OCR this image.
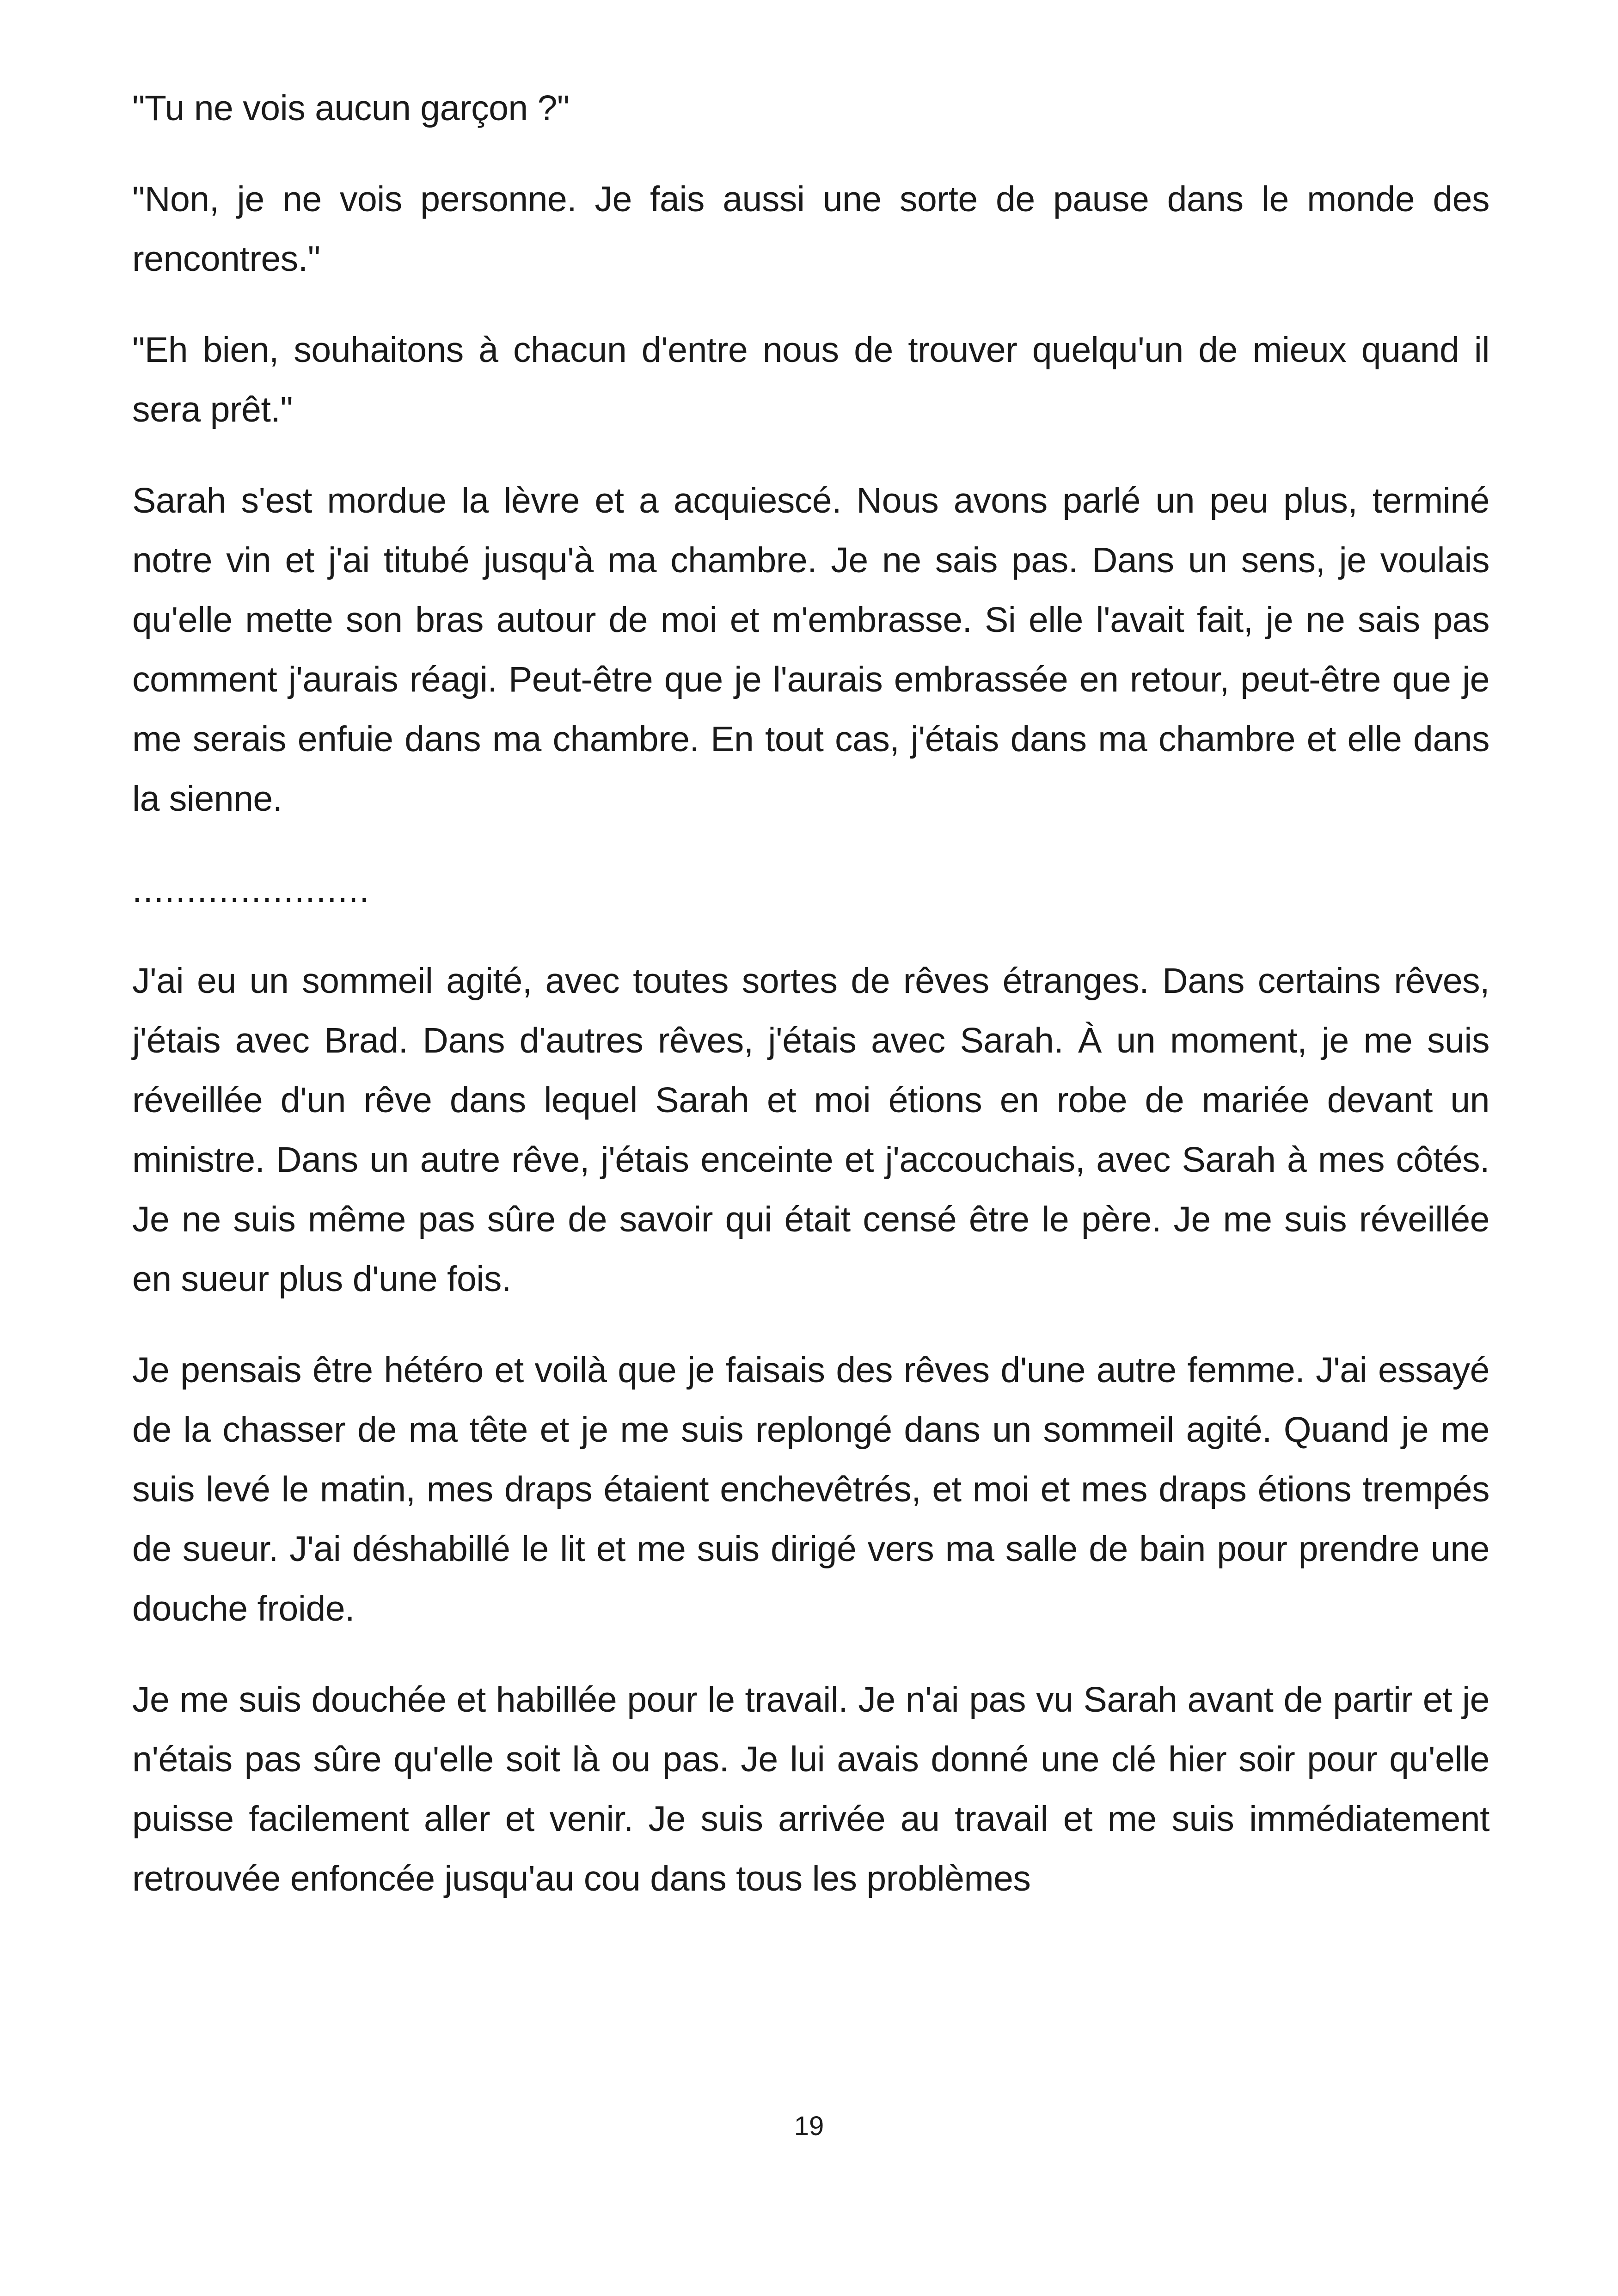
"Tu ne vois aucun garçon ?"

"Non, je ne vois personne. Je fais aussi une sorte de pause dans le monde des rencontres."

"Eh bien, souhaitons à chacun d'entre nous de trouver quelqu'un de mieux quand il sera prêt."

Sarah s'est mordue la lèvre et a acquiescé. Nous avons parlé un peu plus, terminé notre vin et j'ai titubé jusqu'à ma chambre. Je ne sais pas. Dans un sens, je voulais qu'elle mette son bras autour de moi et m'embrasse. Si elle l'avait fait, je ne sais pas comment j'aurais réagi. Peut-être que je l'aurais embrassée en retour, peut-être que je me serais enfuie dans ma chambre. En tout cas, j'étais dans ma chambre et elle dans la sienne.

......................

J'ai eu un sommeil agité, avec toutes sortes de rêves étranges. Dans certains rêves, j'étais avec Brad. Dans d'autres rêves, j'étais avec Sarah. À un moment, je me suis réveillée d'un rêve dans lequel Sarah et moi étions en robe de mariée devant un ministre. Dans un autre rêve, j'étais enceinte et j'accouchais, avec Sarah à mes côtés. Je ne suis même pas sûre de savoir qui était censé être le père. Je me suis réveillée en sueur plus d'une fois.

Je pensais être hétéro et voilà que je faisais des rêves d'une autre femme. J'ai essayé de la chasser de ma tête et je me suis replongé dans un sommeil agité. Quand je me suis levé le matin, mes draps étaient enchevêtrés, et moi et mes draps étions trempés de sueur. J'ai déshabillé le lit et me suis dirigé vers ma salle de bain pour prendre une douche froide.

Je me suis douchée et habillée pour le travail. Je n'ai pas vu Sarah avant de partir et je n'étais pas sûre qu'elle soit là ou pas. Je lui avais donné une clé hier soir pour qu'elle puisse facilement aller et venir. Je suis arrivée au travail et me suis immédiatement retrouvée enfoncée jusqu'au cou dans tous les problèmes

19
